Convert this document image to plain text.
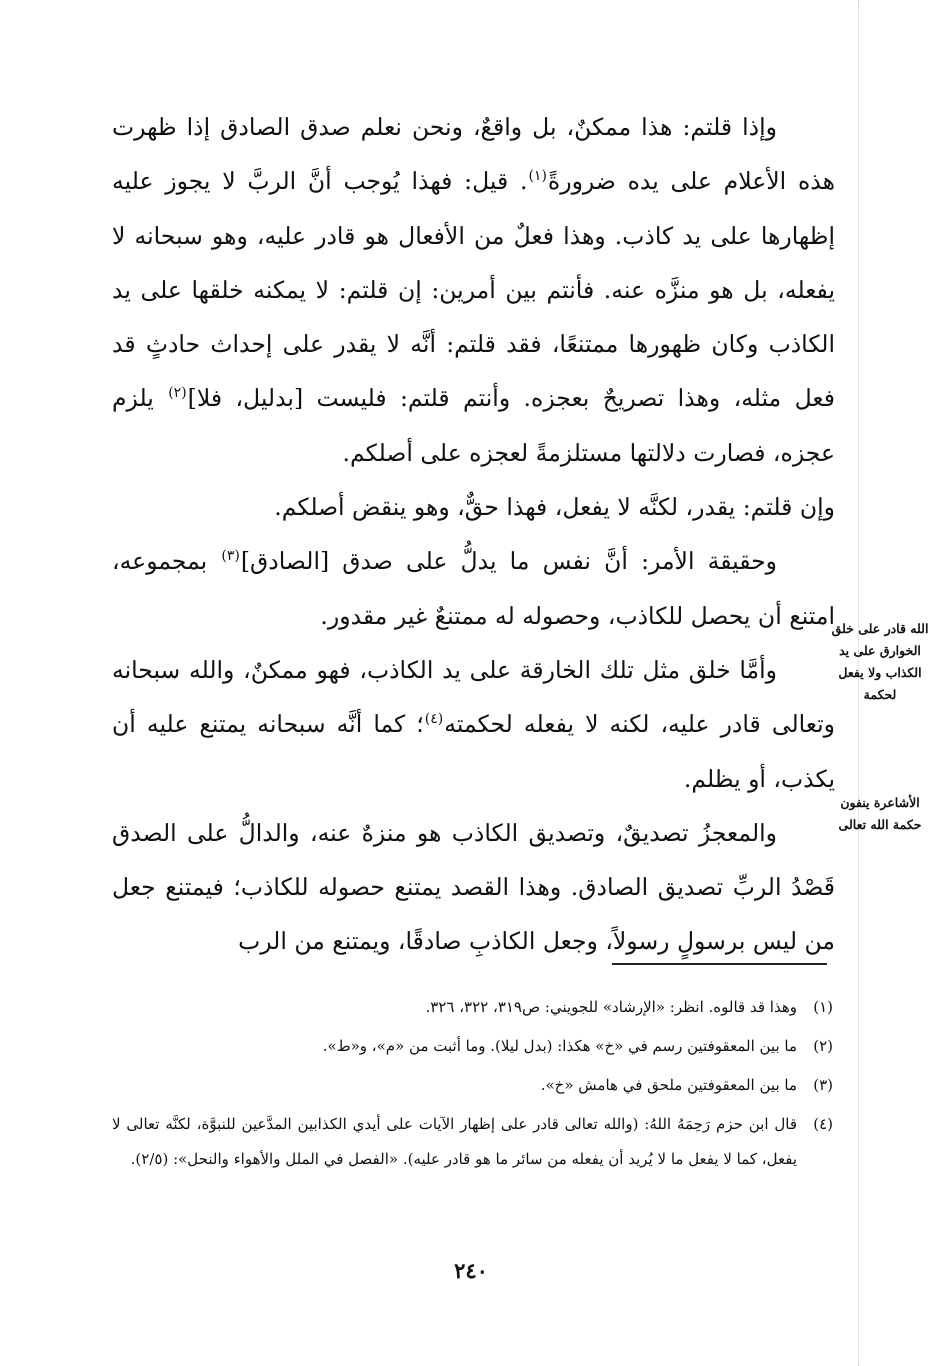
وإذا قلتم: هذا ممكنٌ، بل واقعٌ، ونحن نعلم صدق الصادق إذا ظهرت هذه الأعلام على يده ضرورةً$^{(١)}$. قيل: فهذا يُوجب أنَّ الربَّ لا يجوز عليه إظهارها على يد كاذب. وهذا فعلٌ من الأفعال هو قادر عليه، وهو سبحانه لا يفعله، بل هو منزَّه عنه. فأنتم بين أمرين: إن قلتم: لا يمكنه خلقها على يد الكاذب وكان ظهورها ممتنعًا، فقد قلتم: أنَّه لا يقدر على إحداث حادثٍ قد فعل مثله، وهذا تصريحٌ بعجزه. وأنتم قلتم: فليست [بدليل، فلا]$^{(٢)}$ يلزم عجزه، فصارت دلالتها مستلزمةً لعجزه على أصلكم.

وإن قلتم: يقدر، لكنَّه لا يفعل، فهذا حقٌّ، وهو ينقض أصلكم.

وحقيقة الأمر: أنَّ نفس ما يدلُّ على صدق [الصادق]$^{(٣)}$ بمجموعه، امتنع أن يحصل للكاذب، وحصوله له ممتنعٌ غير مقدور.

وأمَّا خلق مثل تلك الخارقة على يد الكاذب، فهو ممكنٌ، والله سبحانه وتعالى قادر عليه، لكنه لا يفعله لحكمته$^{(٤)}$؛ كما أنَّه سبحانه يمتنع عليه أن يكذب، أو يظلم.

والمعجزُ تصديقٌ، وتصديق الكاذب هو منزهٌ عنه، والدالُّ على الصدق قَصْدُ الربِّ تصديق الصادق. وهذا القصد يمتنع حصوله للكاذب؛ فيمتنع جعل من ليس برسولٍ رسولاً، وجعل الكاذبِ صادقًا، ويمتنع من الرب

الله قادر على خلق الخوارق على يد الكذاب ولا يفعل لحكمة
الأشاعرة ينفون حكمة الله تعالى
(١)
وهذا قد قالوه. انظر: «الإرشاد» للجويني: ص٣١٩، ٣٢٢، ٣٢٦.
(٢)
ما بين المعقوفتين رسم في «خ» هكذا: (بدل ليلا). وما أثبت من «م»، و«ط».
(٣)
ما بين المعقوفتين ملحق في هامش «خ».
(٤)
قال ابن حزم رَحِمَهُ اللهُ: (والله تعالى قادر على إظهار الآيات على أيدي الكذابين المدَّعين للنبوَّة، لكنَّه تعالى لا يفعل، كما لا يفعل ما لا يُريد أن يفعله من سائر ما هو قادر عليه). «الفصل في الملل والأهواء والنحل»: (٢/٥).
٢٤٠
